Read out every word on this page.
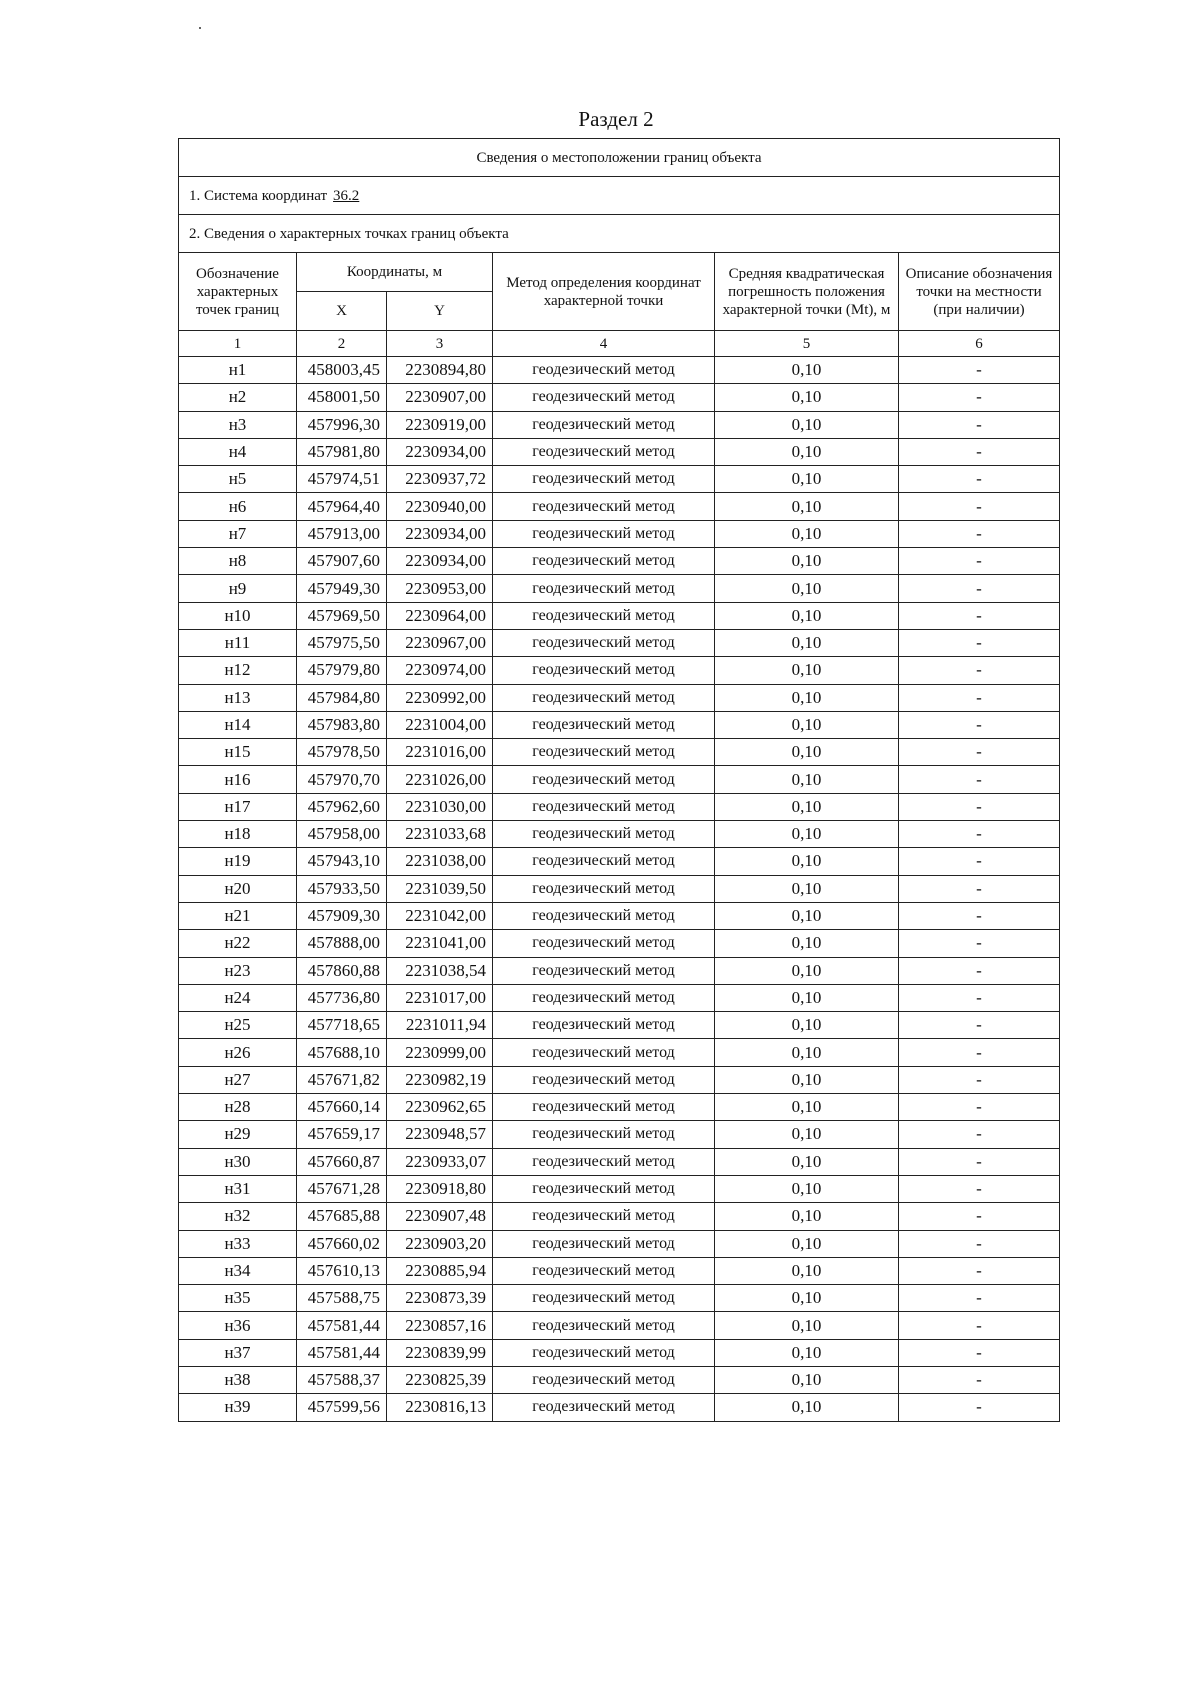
Раздел 2
Сведения о местоположении границ объекта					
1. Система координат 36.2					
2. Сведения о характерных точках границ объекта					
Обозначение характерных точек границ	Координаты, м		Метод определения координат характерной точки	Средняя квадратическая погрешность положения характерной точки (Mt), м	Описание обозначения точки на местности (при наличии)
	X	Y			
1	2	3	4	5	6
н1	458003,45	2230894,80	геодезический метод	0,10	-
н2	458001,50	2230907,00	геодезический метод	0,10	-
н3	457996,30	2230919,00	геодезический метод	0,10	-
н4	457981,80	2230934,00	геодезический метод	0,10	-
н5	457974,51	2230937,72	геодезический метод	0,10	-
н6	457964,40	2230940,00	геодезический метод	0,10	-
н7	457913,00	2230934,00	геодезический метод	0,10	-
н8	457907,60	2230934,00	геодезический метод	0,10	-
н9	457949,30	2230953,00	геодезический метод	0,10	-
н10	457969,50	2230964,00	геодезический метод	0,10	-
н11	457975,50	2230967,00	геодезический метод	0,10	-
н12	457979,80	2230974,00	геодезический метод	0,10	-
н13	457984,80	2230992,00	геодезический метод	0,10	-
н14	457983,80	2231004,00	геодезический метод	0,10	-
н15	457978,50	2231016,00	геодезический метод	0,10	-
н16	457970,70	2231026,00	геодезический метод	0,10	-
н17	457962,60	2231030,00	геодезический метод	0,10	-
н18	457958,00	2231033,68	геодезический метод	0,10	-
н19	457943,10	2231038,00	геодезический метод	0,10	-
н20	457933,50	2231039,50	геодезический метод	0,10	-
н21	457909,30	2231042,00	геодезический метод	0,10	-
н22	457888,00	2231041,00	геодезический метод	0,10	-
н23	457860,88	2231038,54	геодезический метод	0,10	-
н24	457736,80	2231017,00	геодезический метод	0,10	-
н25	457718,65	2231011,94	геодезический метод	0,10	-
н26	457688,10	2230999,00	геодезический метод	0,10	-
н27	457671,82	2230982,19	геодезический метод	0,10	-
н28	457660,14	2230962,65	геодезический метод	0,10	-
н29	457659,17	2230948,57	геодезический метод	0,10	-
н30	457660,87	2230933,07	геодезический метод	0,10	-
н31	457671,28	2230918,80	геодезический метод	0,10	-
н32	457685,88	2230907,48	геодезический метод	0,10	-
н33	457660,02	2230903,20	геодезический метод	0,10	-
н34	457610,13	2230885,94	геодезический метод	0,10	-
н35	457588,75	2230873,39	геодезический метод	0,10	-
н36	457581,44	2230857,16	геодезический метод	0,10	-
н37	457581,44	2230839,99	геодезический метод	0,10	-
н38	457588,37	2230825,39	геодезический метод	0,10	-
н39	457599,56	2230816,13	геодезический метод	0,10	-
